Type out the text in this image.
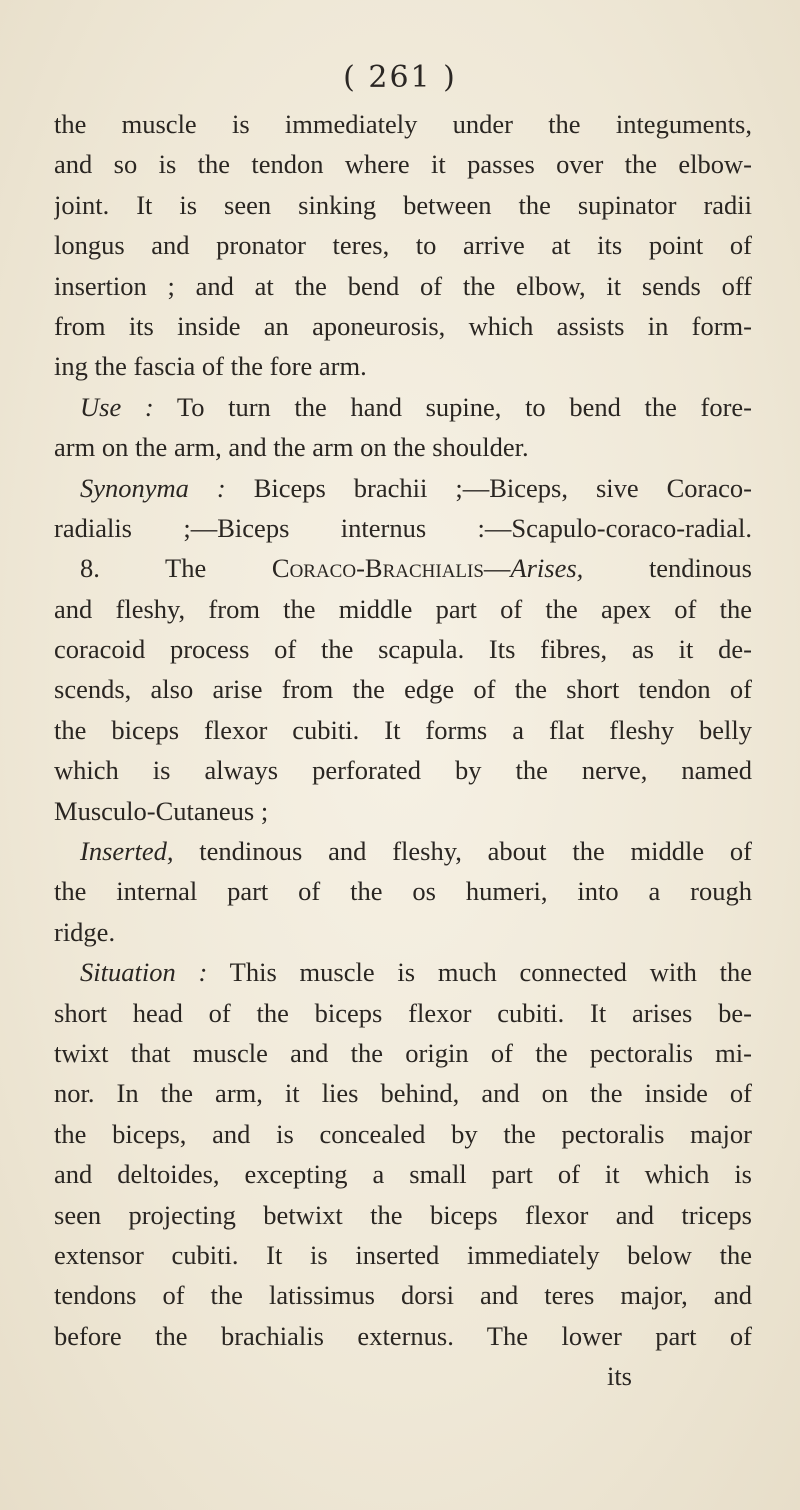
( 261 )
the muscle is immediately under the integuments,
and so is the tendon where it passes over the elbow-
joint. It is seen sinking between the supinator radii
longus and pronator teres, to arrive at its point of
insertion ; and at the bend of the elbow, it sends off
from its inside an aponeurosis, which assists in form-
ing the fascia of the fore arm.
Use : To turn the hand supine, to bend the fore-
arm on the arm, and the arm on the shoulder.
Synonyma : Biceps brachii ;—Biceps, sive Coraco-
radialis ;—Biceps internus :—Scapulo-coraco-radial.
8. The Coraco-Brachialis—Arises, tendinous
and fleshy, from the middle part of the apex of the
coracoid process of the scapula. Its fibres, as it de-
scends, also arise from the edge of the short tendon of
the biceps flexor cubiti. It forms a flat fleshy belly
which is always perforated by the nerve, named
Musculo-Cutaneus ;
Inserted, tendinous and fleshy, about the middle of
the internal part of the os humeri, into a rough
ridge.
Situation : This muscle is much connected with the
short head of the biceps flexor cubiti. It arises be-
twixt that muscle and the origin of the pectoralis mi-
nor. In the arm, it lies behind, and on the inside of
the biceps, and is concealed by the pectoralis major
and deltoides, excepting a small part of it which is
seen projecting betwixt the biceps flexor and triceps
extensor cubiti. It is inserted immediately below the
tendons of the latissimus dorsi and teres major, and
before the brachialis externus. The lower part of
its
